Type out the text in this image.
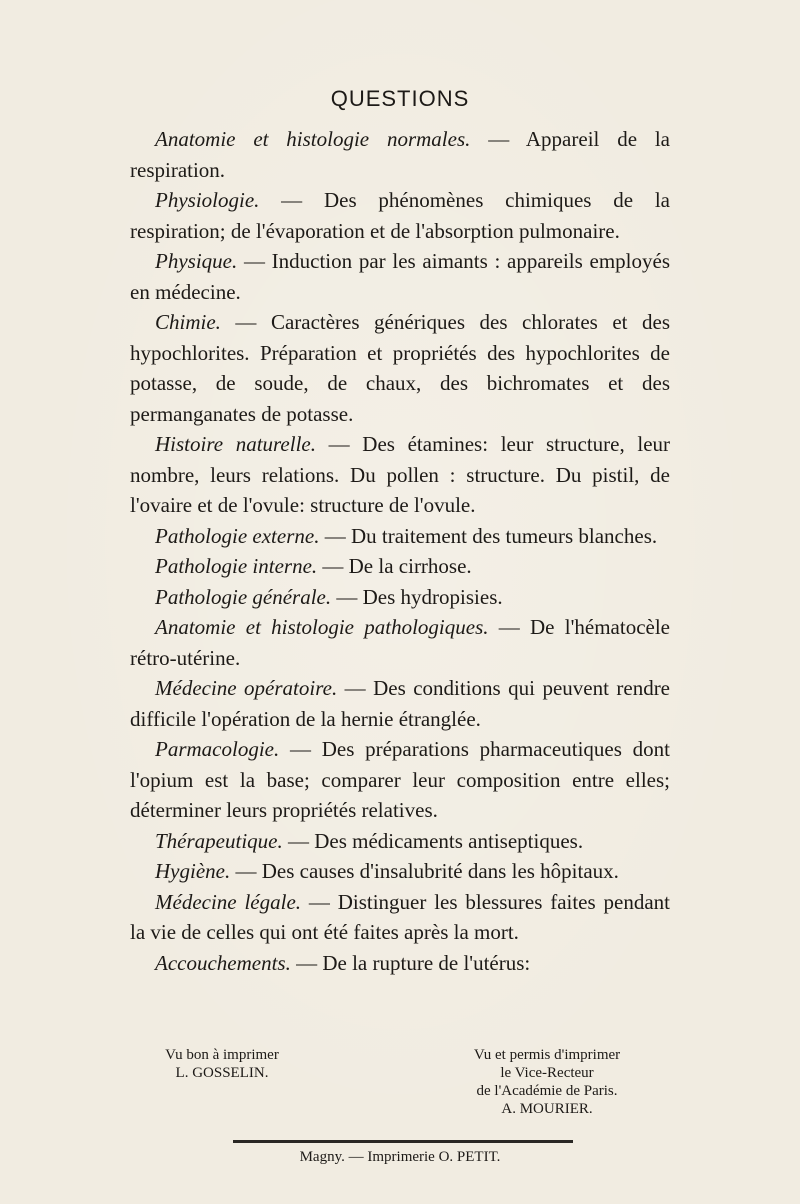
QUESTIONS

Anatomie et histologie normales. — Appareil de la respiration.

Physiologie. — Des phénomènes chimiques de la respiration; de l'évaporation et de l'absorption pulmonaire.

Physique. — Induction par les aimants : appareils employés en médecine.

Chimie. — Caractères génériques des chlorates et des hypochlorites. Préparation et propriétés des hypochlorites de potasse, de soude, de chaux, des bichromates et des permanganates de potasse.

Histoire naturelle. — Des étamines: leur structure, leur nombre, leurs relations. Du pollen : structure. Du pistil, de l'ovaire et de l'ovule: structure de l'ovule.

Pathologie externe. — Du traitement des tumeurs blanches.

Pathologie interne. — De la cirrhose.

Pathologie générale. — Des hydropisies.

Anatomie et histologie pathologiques. — De l'hématocèle rétro-utérine.

Médecine opératoire. — Des conditions qui peuvent rendre difficile l'opération de la hernie étranglée.

Parmacologie. — Des préparations pharmaceutiques dont l'opium est la base; comparer leur composition entre elles; déterminer leurs propriétés relatives.

Thérapeutique. — Des médicaments antiseptiques.

Hygiène. — Des causes d'insalubrité dans les hôpitaux.

Médecine légale. — Distinguer les blessures faites pendant la vie de celles qui ont été faites après la mort.

Accouchements. — De la rupture de l'utérus:

Vu bon à imprimer
L. GOSSELIN.
Vu et permis d'imprimer
le Vice-Recteur
de l'Académie de Paris.
A. MOURIER.
Magny. — Imprimerie O. PETIT.
